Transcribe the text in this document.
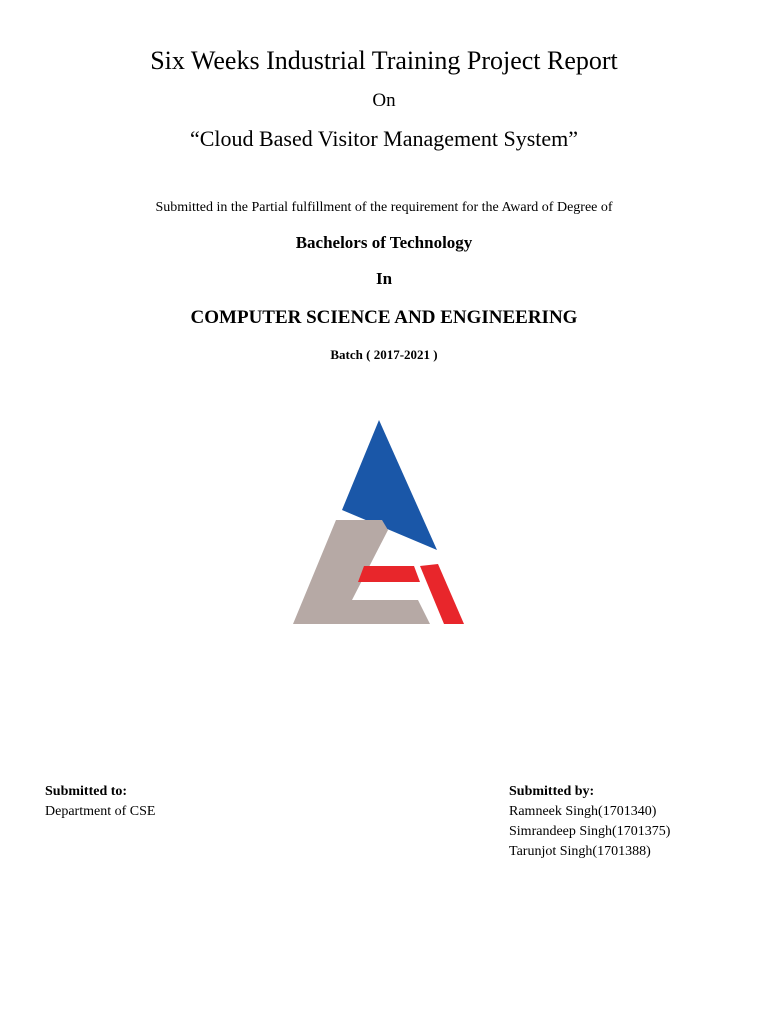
Six Weeks Industrial Training Project Report
On
“Cloud Based Visitor Management System”
Submitted in the Partial fulfillment of the requirement for the Award of Degree of
Bachelors of Technology
In
COMPUTER SCIENCE AND ENGINEERING
Batch ( 2017-2021 )
Submitted to:
Department of CSE
Submitted by:
Ramneek Singh(1701340)
Simrandeep Singh(1701375)
Tarunjot Singh(1701388)
